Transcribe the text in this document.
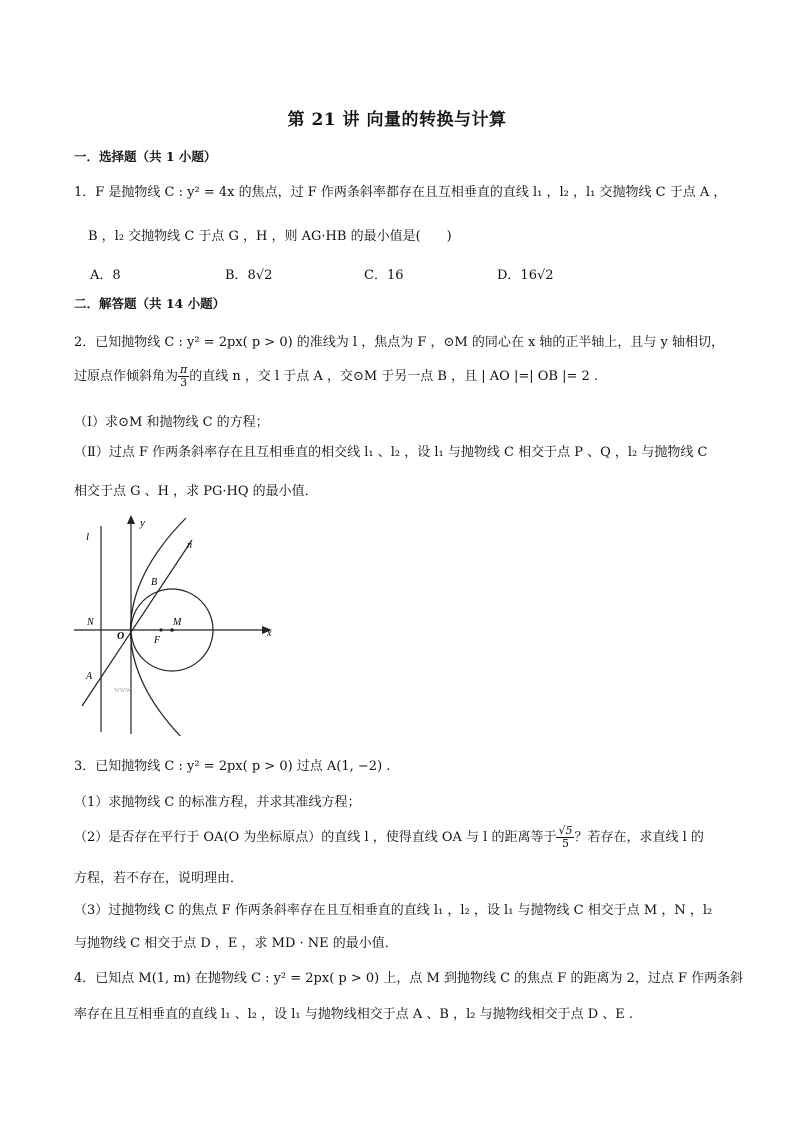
第 21 讲 向量的转换与计算
一．选择题（共 1 小题）
1．F 是抛物线 C : y² = 4x 的焦点，过 F 作两条斜率都存在且互相垂直的直线 l₁ ，l₂ ，l₁ 交抛物线 C 于点 A ，
B ，l₂ 交抛物线 C 于点 G ，H ，则 AG·HB 的最小值是(　　)
A．8	B．8√2	C．16	D．16√2
二．解答题（共 14 小题）
2．已知抛物线 C : y² = 2px( p > 0) 的准线为 l ，焦点为 F ，⊙M 的同心在 x 轴的正半轴上，且与 y 轴相切，
过原点作倾斜角为 $\frac{\pi}{3}$ 的直线 n ，交 l 于点 A ，交⊙M 于另一点 B ，且 | AO |=| OB |= 2 .
（Ⅰ）求⊙M 和抛物线 C 的方程；
（Ⅱ）过点 F 作两条斜率存在且互相垂直的相交线 l₁ 、l₂ ，设 l₁ 与抛物线 C 相交于点 P 、Q ，l₂ 与抛物线 C
相交于点 G 、H ，求 PG·HQ 的最小值．
l
y
n
B
N
O	F
M
x
A
www
3．已知抛物线 C : y² = 2px( p > 0) 过点 A(1, −2) .
（1）求抛物线 C 的标准方程，并求其准线方程；
（2）是否存在平行于 OA(O 为坐标原点）的直线 l ，使得直线 OA 与 l 的距离等于 $\frac{√5}{5}$ ？若存在，求直线 l 的
方程，若不存在，说明理由．
（3）过抛物线 C 的焦点 F 作两条斜率存在且互相垂直的直线 l₁ ，l₂ ，设 l₁ 与抛物线 C 相交于点 M ，N ，l₂
与抛物线 C 相交于点 D ，E ，求 MD · NE 的最小值．
4．已知点 M(1, m) 在抛物线 C : y² = 2px( p > 0) 上，点 M 到抛物线 C 的焦点 F 的距离为 2，过点 F 作两条斜
率存在且互相垂直的直线 l₁ 、l₂ ，设 l₁ 与抛物线相交于点 A 、B ，l₂ 与抛物线相交于点 D 、E .
